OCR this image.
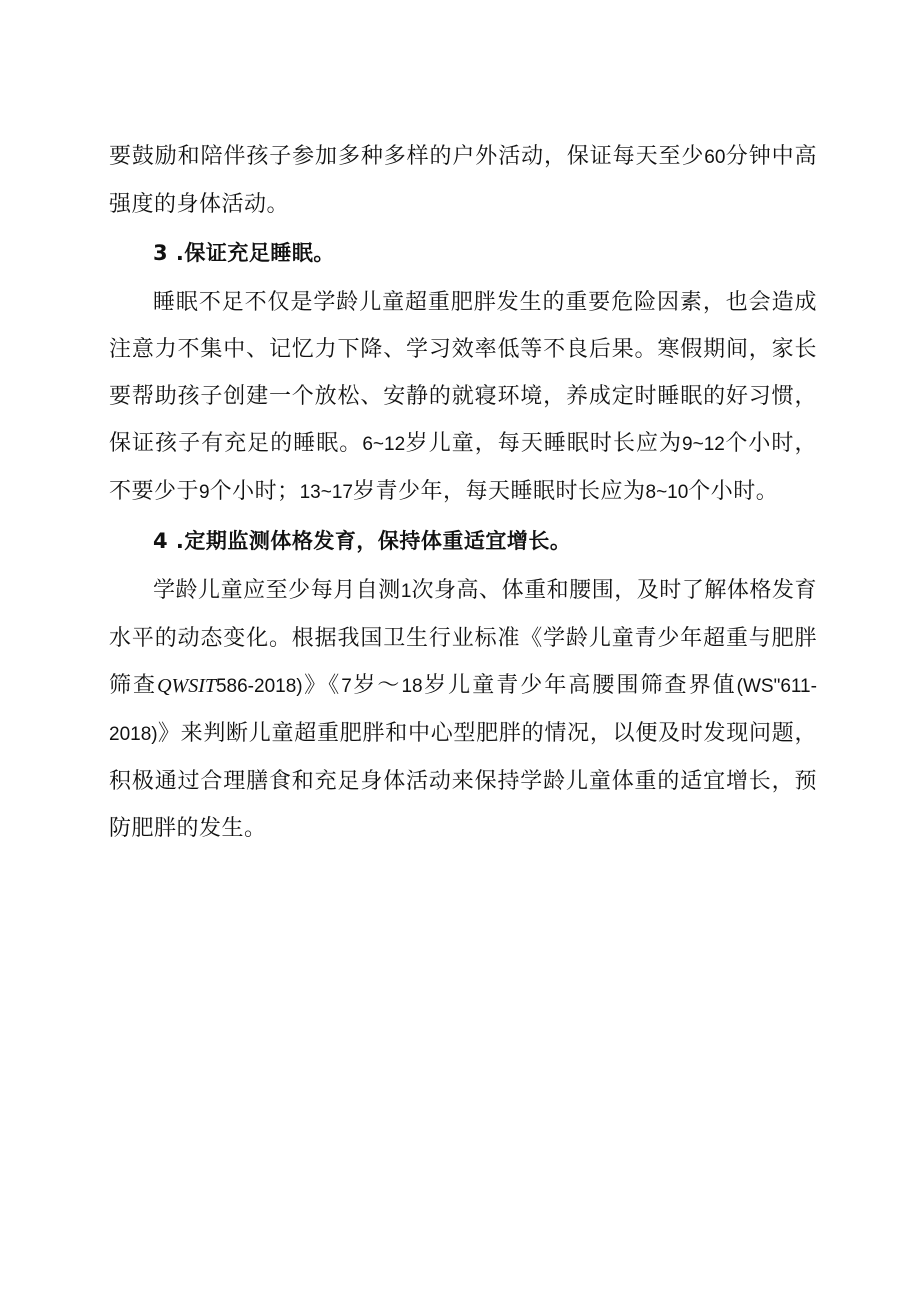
要鼓励和陪伴孩子参加多种多样的户外活动，保证每天至少60分钟中高强度的身体活动。

3 .保证充足睡眠。

睡眠不足不仅是学龄儿童超重肥胖发生的重要危险因素，也会造成注意力不集中、记忆力下降、学习效率低等不良后果。寒假期间，家长要帮助孩子创建一个放松、安静的就寝环境，养成定时睡眠的好习惯，保证孩子有充足的睡眠。6~12岁儿童，每天睡眠时长应为9~12个小时，不要少于9个小时；13~17岁青少年，每天睡眠时长应为8~10个小时。

4 .定期监测体格发育，保持体重适宜增长。

学龄儿童应至少每月自测1次身高、体重和腰围，及时了解体格发育水平的动态变化。根据我国卫生行业标准《学龄儿童青少年超重与肥胖筛查QWSIT586-2018)》《7岁～18岁儿童青少年高腰围筛查界值(WS"611-2018)》来判断儿童超重肥胖和中心型肥胖的情况，以便及时发现问题，积极通过合理膳食和充足身体活动来保持学龄儿童体重的适宜增长，预防肥胖的发生。
